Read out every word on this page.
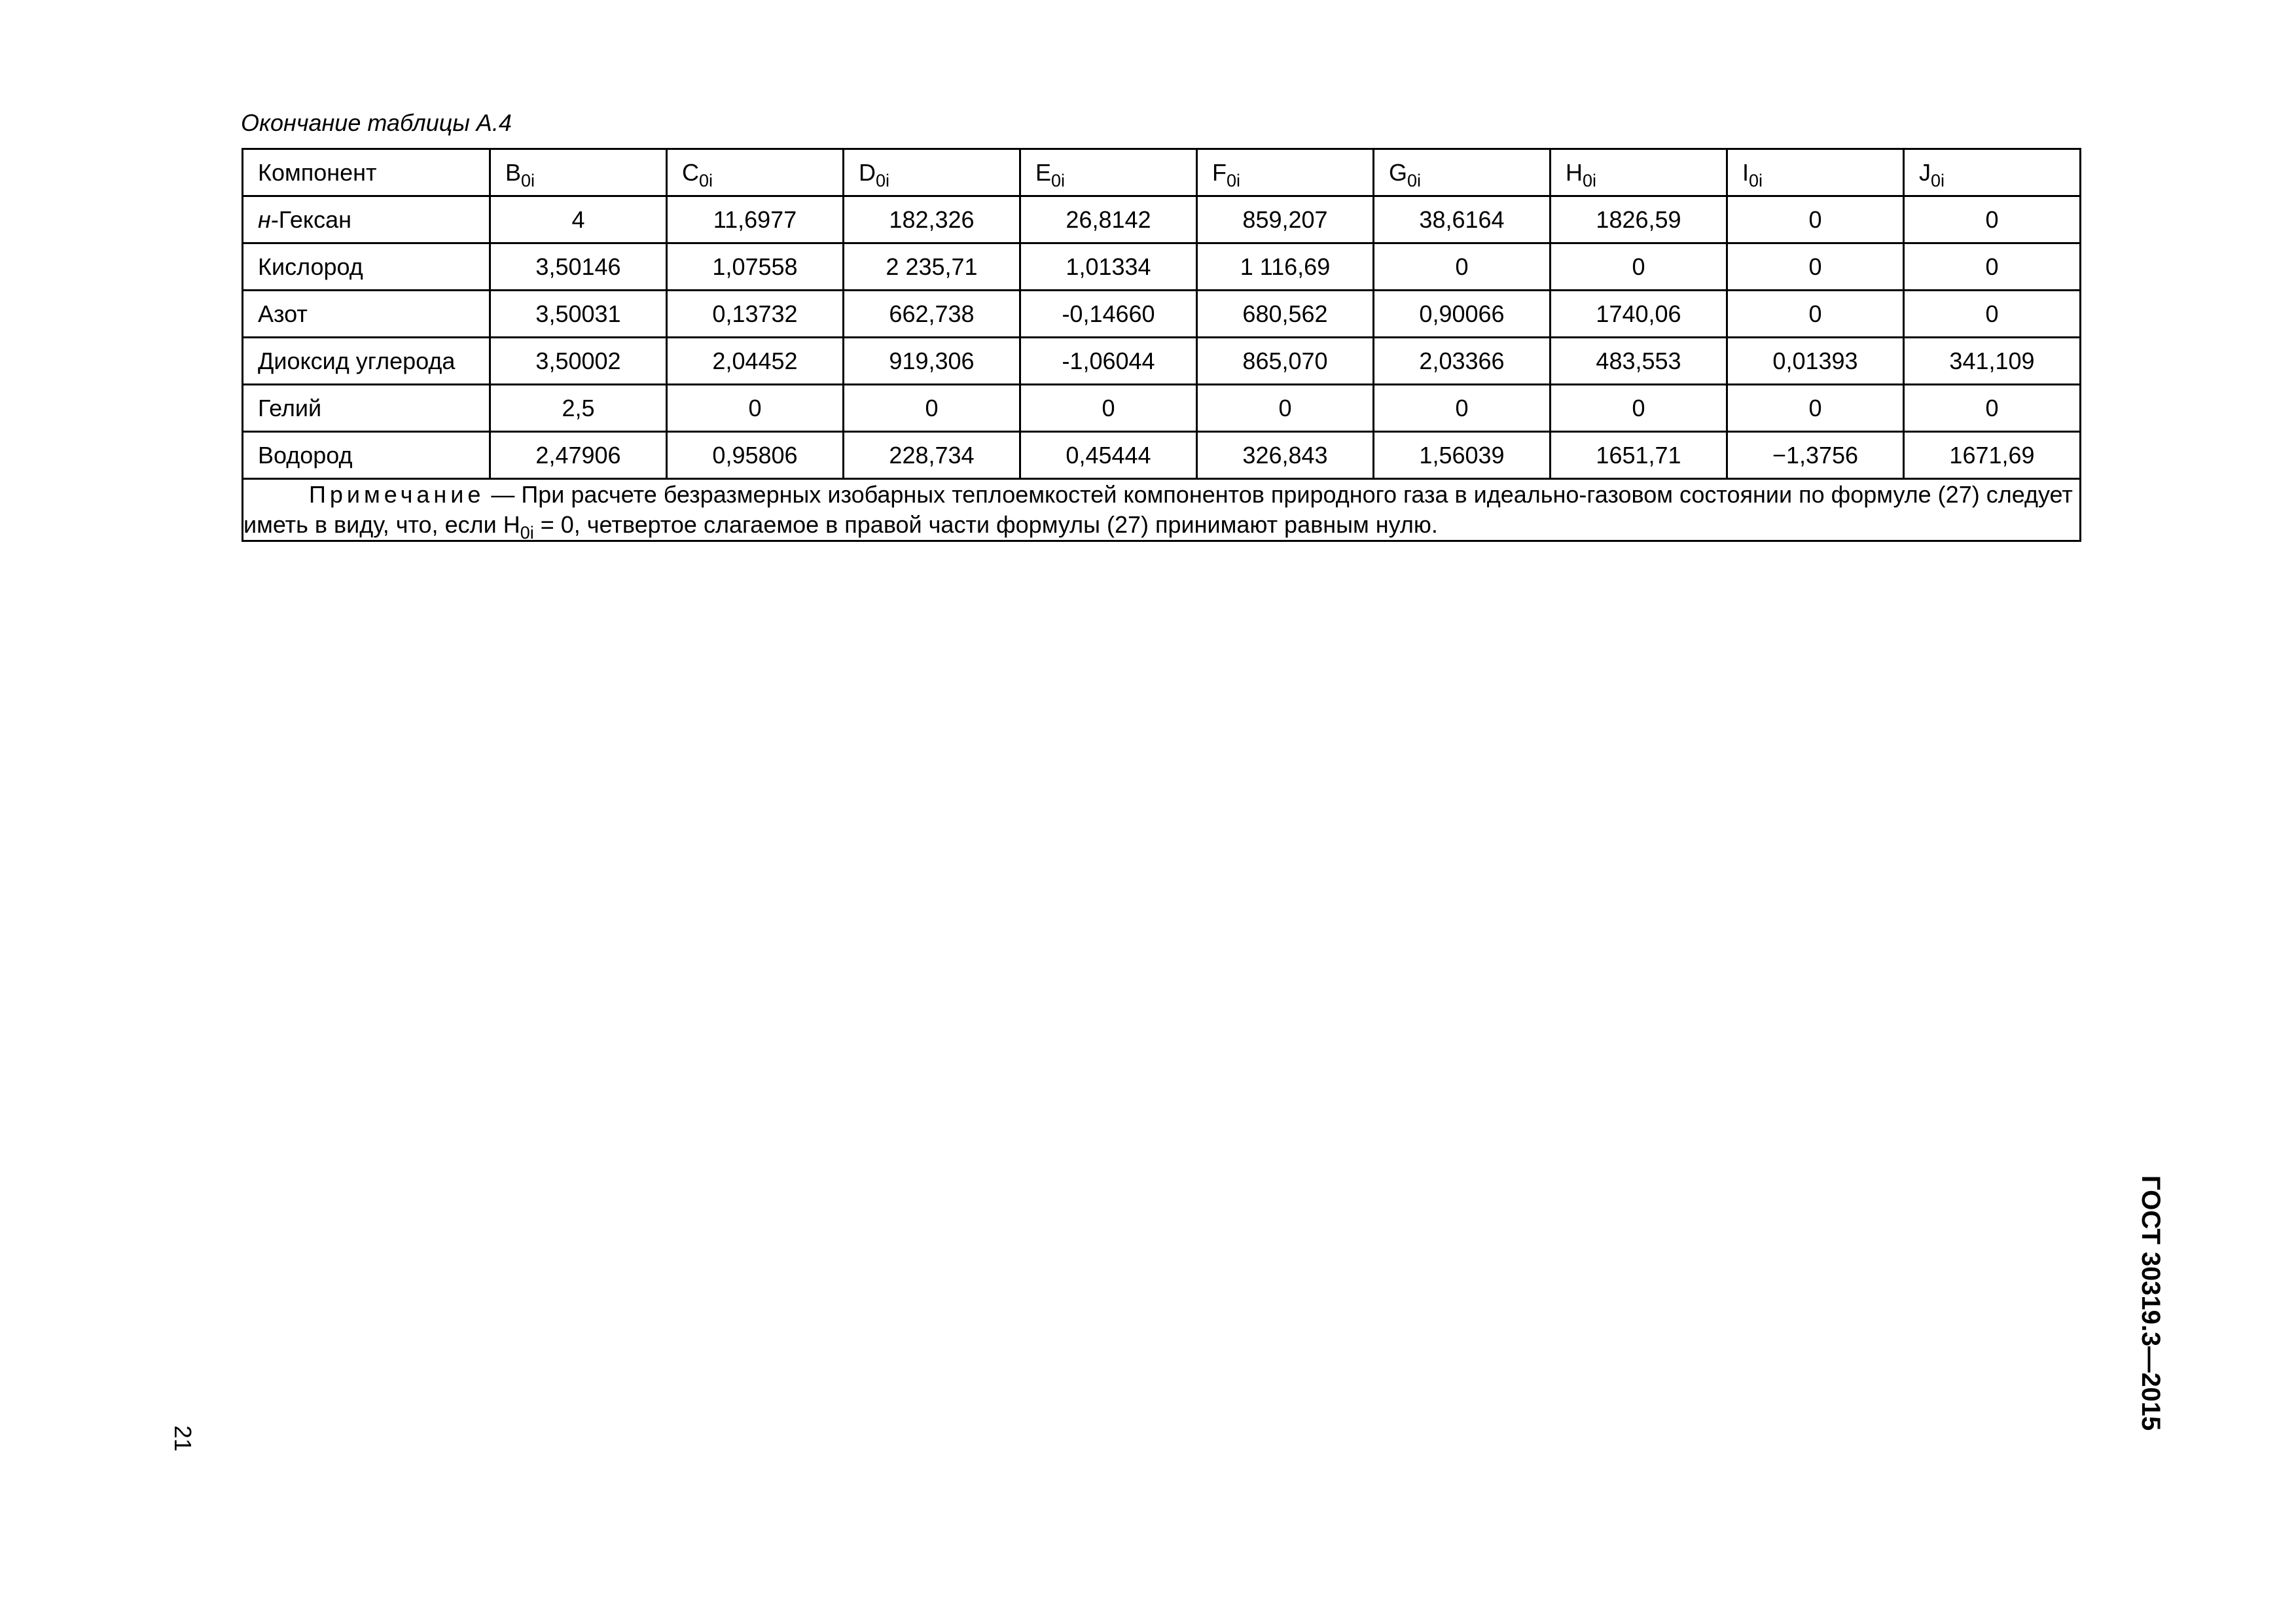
Окончание таблицы А.4
Компонент	$B_{0i}$	$C_{0i}$	$D_{0i}$	$E_{0i}$	$F_{0i}$	$G_{0i}$	$H_{0i}$	$I_{0i}$	$J_{0i}$
н-Гексан	4	11,6977	182,326	26,8142	859,207	38,6164	1826,59	0	0
Кислород	3,50146	1,07558	2 235,71	1,01334	1 116,69	0	0	0	0
Азот	3,50031	0,13732	662,738	-0,14660	680,562	0,90066	1740,06	0	0
Диоксид углерода	3,50002	2,04452	919,306	-1,06044	865,070	2,03366	483,553	0,01393	341,109
Гелий	2,5	0	0	0	0	0	0	0	0
Водород	2,47906	0,95806	228,734	0,45444	326,843	1,56039	1651,71	−1,3756	1671,69
Примечание — При расчете безразмерных изобарных теплоемкостей компонентов природного газа в идеально-газовом состоянии по формуле (27) следует иметь в виду, что, если $H_{0i} = 0$, четвертое слагаемое в правой части формулы (27) принимают равным нулю.									
21
ГОСТ 30319.3—2015
